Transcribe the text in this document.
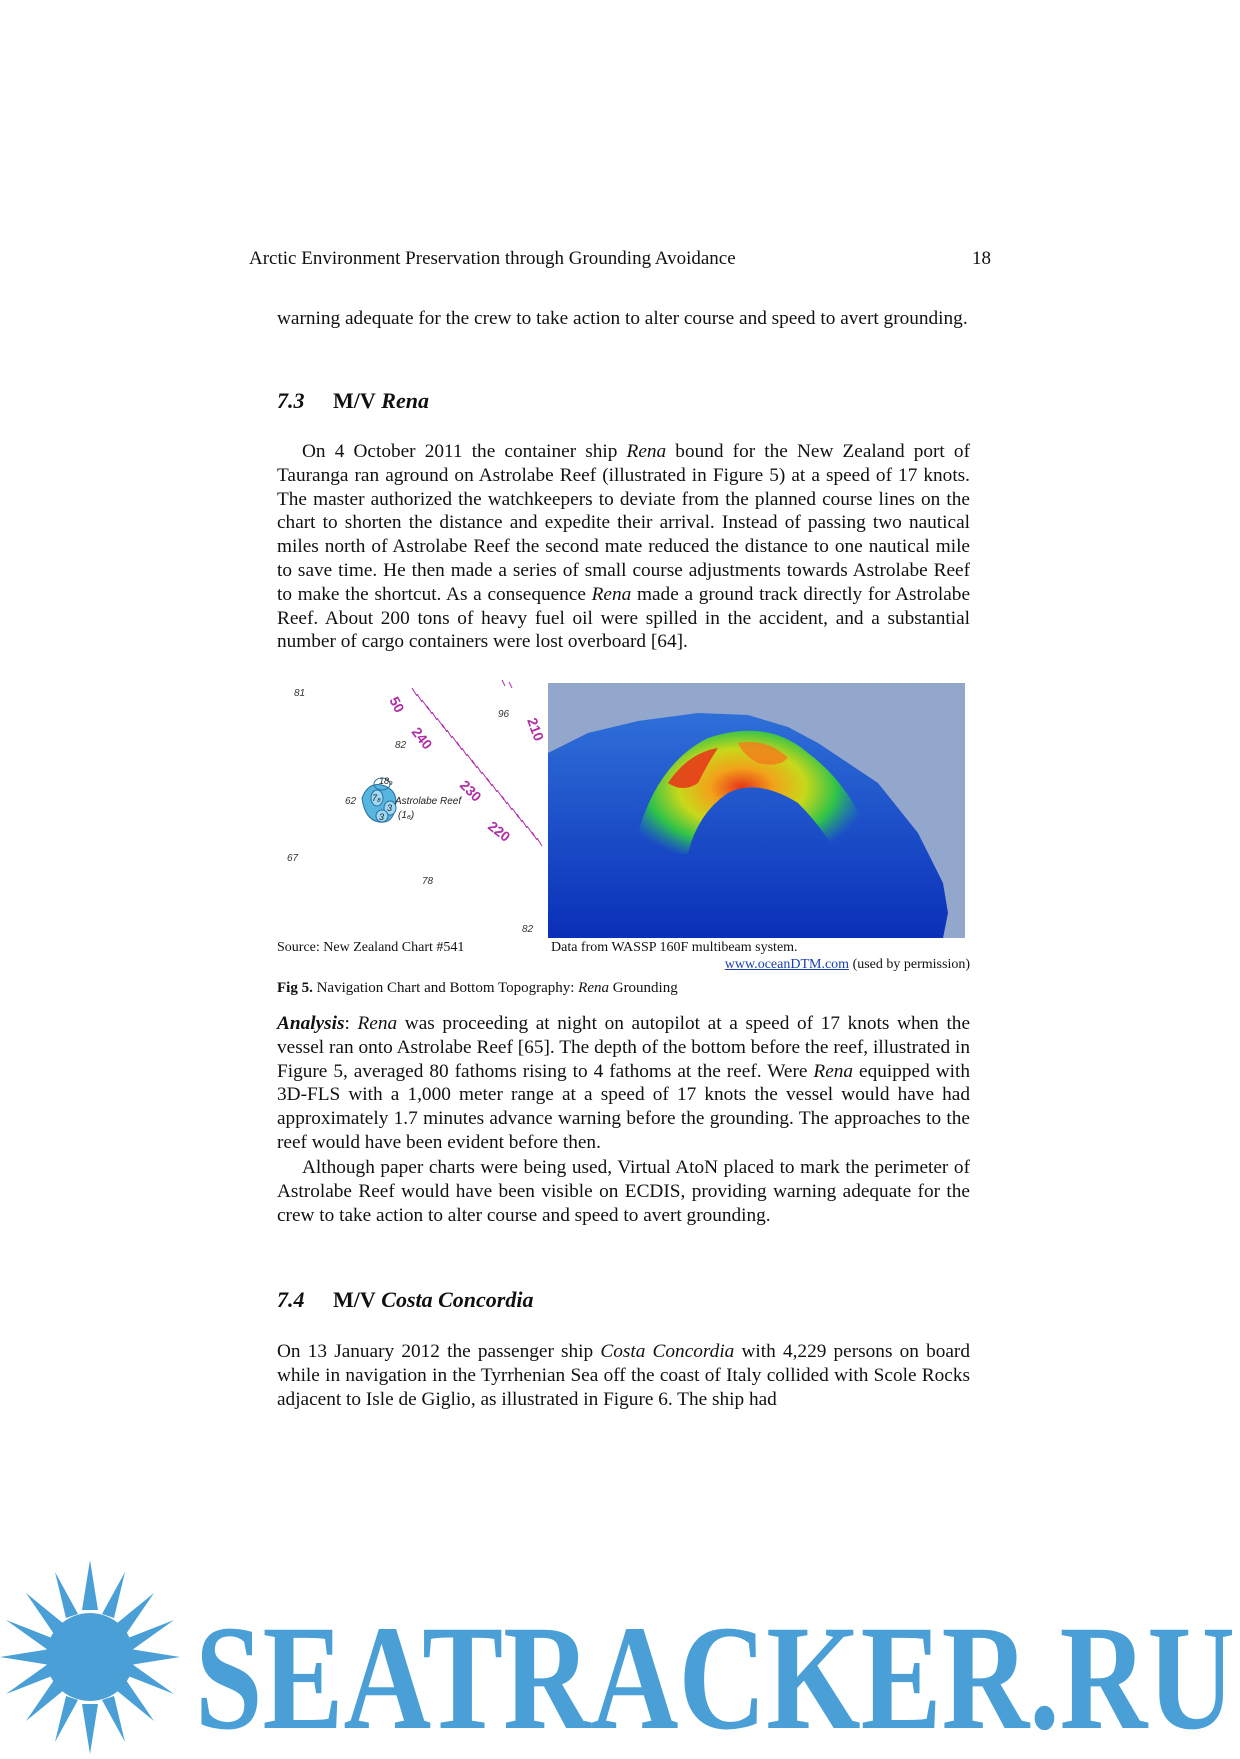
Arctic Environment Preservation through Grounding Avoidance	18

warning adequate for the crew to take action to alter course and speed to avert grounding.

7.3 M/V Rena

On 4 October 2011 the container ship Rena bound for the New Zealand port of Tauranga ran aground on Astrolabe Reef (illustrated in Figure 5) at a speed of 17 knots. The master authorized the watchkeepers to deviate from the planned course lines on the chart to shorten the distance and expedite their arrival. Instead of passing two nautical miles north of Astrolabe Reef the second mate reduced the distance to one nautical mile to save time. He then made a series of small course adjustments towards Astrolabe Reef to make the shortcut. As a consequence Rena made a ground track directly for Astrolabe Reef. About 200 tons of heavy fuel oil were spilled in the accident, and a substantial number of cargo containers were lost overboard [64].

81
96
82
62
67
78
82
50
240
230
220
210
18₉
7₈
3
3
Astrolabe Reef
(1₆)
Source: New Zealand Chart #541	Data from WASSP 160F multibeam system.
www.oceanDTM.com (used by permission)
Fig 5. Navigation Chart and Bottom Topography: Rena Grounding

Analysis: Rena was proceeding at night on autopilot at a speed of 17 knots when the vessel ran onto Astrolabe Reef [65]. The depth of the bottom before the reef, illustrated in Figure 5, averaged 80 fathoms rising to 4 fathoms at the reef. Were Rena equipped with 3D-FLS with a 1,000 meter range at a speed of 17 knots the vessel would have had approximately 1.7 minutes advance warning before the grounding. The approaches to the reef would have been evident before then.

Although paper charts were being used, Virtual AtoN placed to mark the perimeter of Astrolabe Reef would have been visible on ECDIS, providing warning adequate for the crew to take action to alter course and speed to avert grounding.

7.4 M/V Costa Concordia

On 13 January 2012 the passenger ship Costa Concordia with 4,229 persons on board while in navigation in the Tyrrhenian Sea off the coast of Italy collided with Scole Rocks adjacent to Isle de Giglio, as illustrated in Figure 6. The ship had

SEATRACKER.RU
